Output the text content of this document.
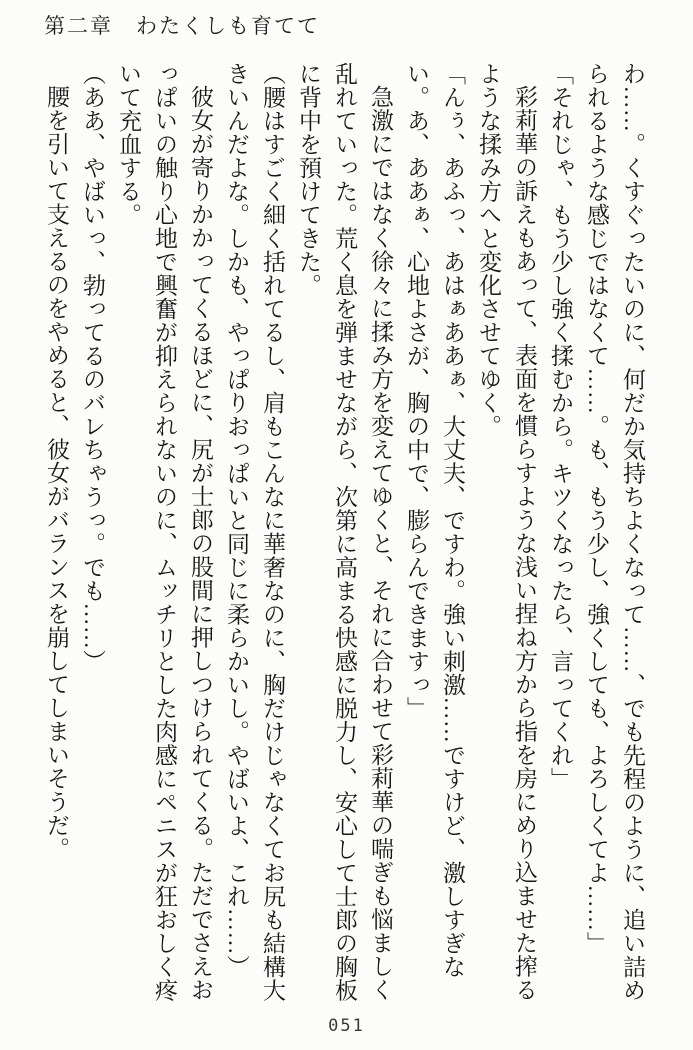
第二章　わたくしも育てて

わ……。くすぐったいのに、何だか気持ちよくなって……、でも先程のように、追い詰められるような感じではなくて……。も、もう少し、強くしても、よろしくてよ……」

「それじゃ、もう少し強く揉むから。キツくなったら、言ってくれ」

彩莉華の訴えもあって、表面を慣らすような浅い捏ね方から指を房にめり込ませた搾るような揉み方へと変化させてゆく。

「んぅ、あふっ、あはぁああぁ、大丈夫、ですわ。強い刺激……ですけど、激しすぎない。あ、ああぁ、心地よさが、胸の中で、膨らんできますっ」

急激にではなく徐々に揉み方を変えてゆくと、それに合わせて彩莉華の喘ぎも悩ましく乱れていった。荒く息を弾ませながら、次第に高まる快感に脱力し、安心して士郎の胸板に背中を預けてきた。

（腰はすごく細く括れてるし、肩もこんなに華奢なのに、胸だけじゃなくてお尻も結構大きいんだよな。しかも、やっぱりおっぱいと同じに柔らかいし。やばいよ、これ……）

彼女が寄りかかってくるほどに、尻が士郎の股間に押しつけられてくる。ただでさえおっぱいの触り心地で興奮が抑えられないのに、ムッチリとした肉感にペニスが狂おしく疼いて充血する。

（ああ、やばいっ、勃ってるのバレちゃうっ。でも……）

腰を引いて支えるのをやめると、彼女がバランスを崩してしまいそうだ。

051
